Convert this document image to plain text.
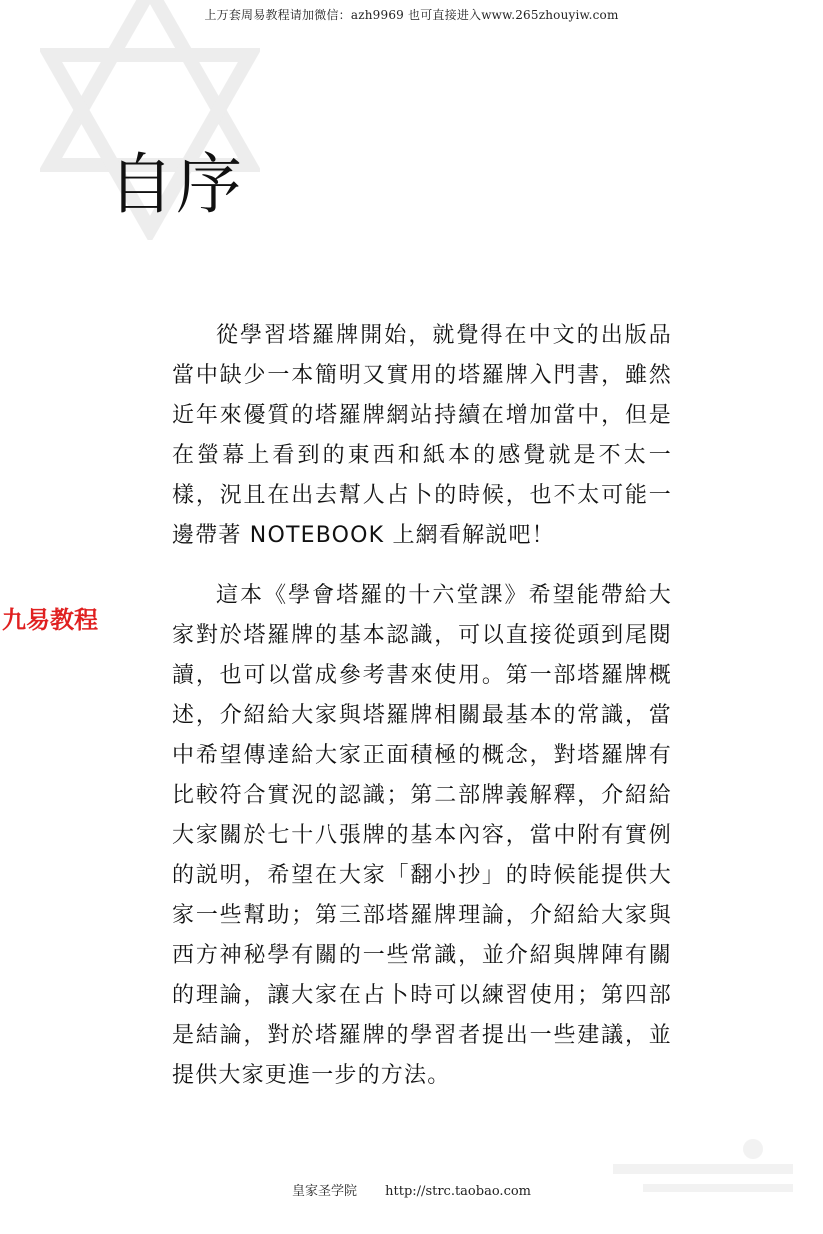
上万套周易教程请加微信：azh9969 也可直接进入www.265zhouyiw.com
自序

從學習塔羅牌開始，就覺得在中文的出版品當中缺少一本簡明又實用的塔羅牌入門書，雖然近年來優質的塔羅牌網站持續在增加當中，但是在螢幕上看到的東西和紙本的感覺就是不太一樣，況且在出去幫人占卜的時候，也不太可能一邊帶著 NOTEBOOK 上網看解説吧！

九易教程

這本《學會塔羅的十六堂課》希望能帶給大家對於塔羅牌的基本認識，可以直接從頭到尾閱讀，也可以當成參考書來使用。第一部塔羅牌概述，介紹給大家與塔羅牌相關最基本的常識，當中希望傳達給大家正面積極的概念，對塔羅牌有比較符合實況的認識；第二部牌義解釋，介紹給大家關於七十八張牌的基本內容，當中附有實例的説明，希望在大家「翻小抄」的時候能提供大家一些幫助；第三部塔羅牌理論，介紹給大家與西方神秘學有關的一些常識，並介紹與牌陣有關的理論，讓大家在占卜時可以練習使用；第四部是結論，對於塔羅牌的學習者提出一些建議，並提供大家更進一步的方法。

皇家圣学院 http://strc.taobao.com
